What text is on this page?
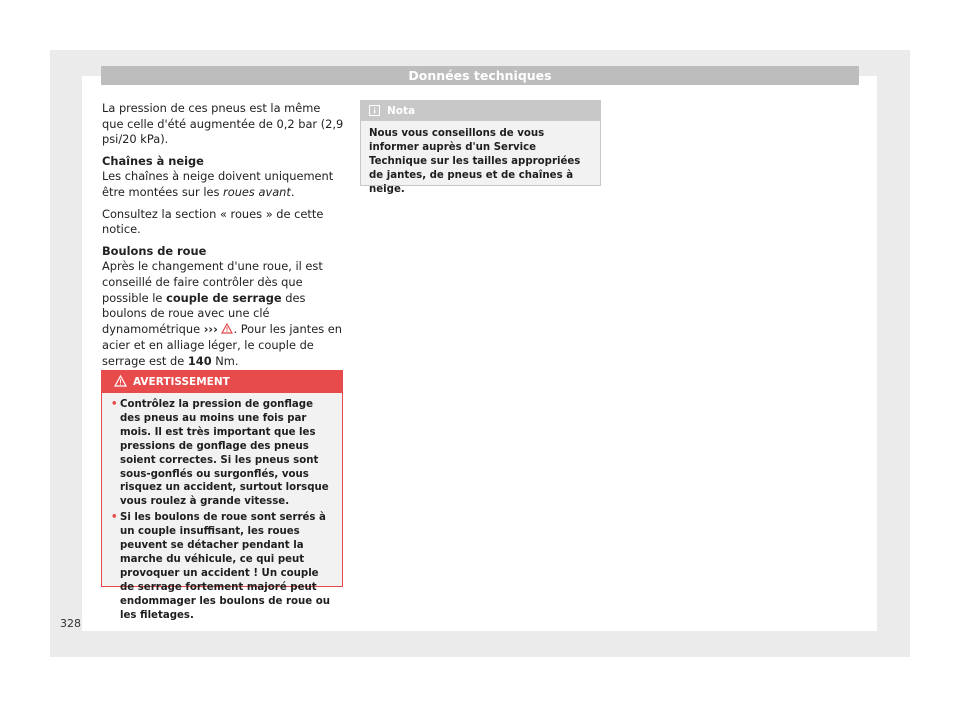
Données techniques

La pression de ces pneus est la même que celle d'été augmentée de 0,2 bar (2,9 psi/20 kPa).

Chaînes à neige

Les chaînes à neige doivent uniquement être montées sur les roues avant.

Consultez la section « roues » de cette notice.

Boulons de roue

Après le changement d'une roue, il est conseillé de faire contrôler dès que possible le couple de serrage des boulons de roue avec une clé dynamométrique ››› . Pour les jantes en acier et en alliage léger, le couple de serrage est de 140 Nm.

AVERTISSEMENT
• Contrôlez la pression de gonflage des pneus au moins une fois par mois. Il est très important que les pressions de gonflage des pneus soient correctes. Si les pneus sont sous-gonflés ou surgonflés, vous risquez un accident, surtout lorsque vous roulez à grande vitesse.
• Si les boulons de roue sont serrés à un couple insuffisant, les roues peuvent se détacher pendant la marche du véhicule, ce qui peut provoquer un accident ! Un couple de serrage fortement majoré peut endommager les boulons de roue ou les filetages.
Nota
Nous vous conseillons de vous informer auprès d'un Service Technique sur les tailles appropriées de jantes, de pneus et de chaînes à neige.
328
